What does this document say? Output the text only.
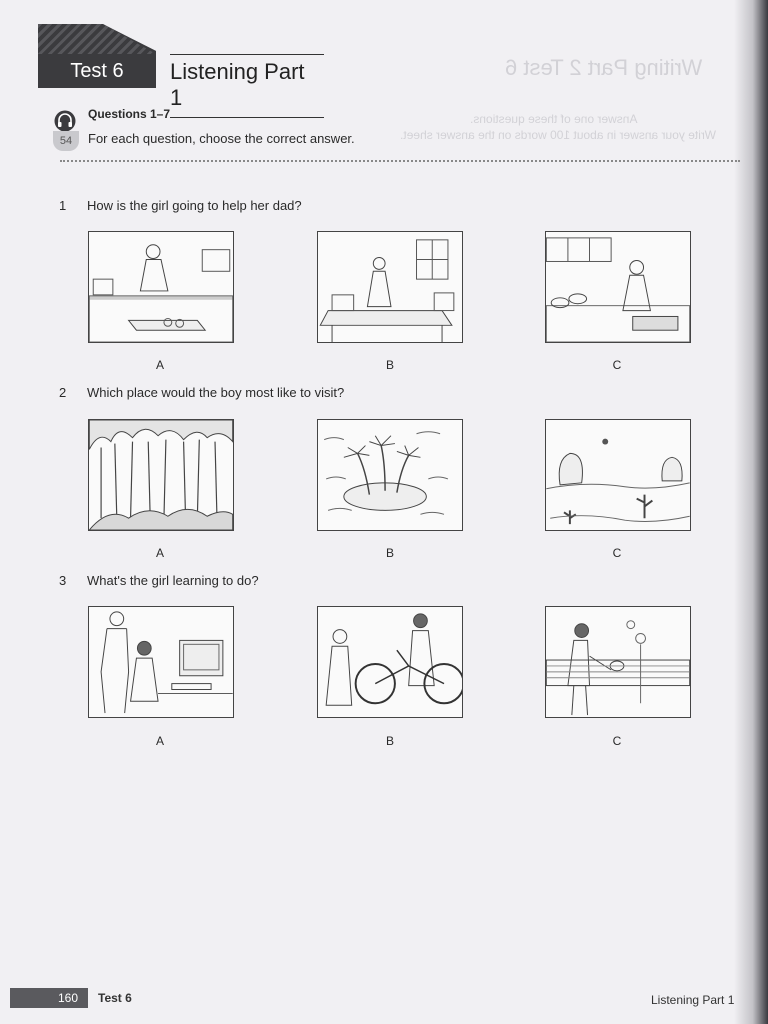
Writing Part 2 Test 6
Answer one of these questions.
Write your answer in about 100 words on the answer sheet.
Test 6	Listening Part 1
54
Questions 1–7
For each question, choose the correct answer.
1 How is the girl going to help her dad?
A	B	C
2 Which place would the boy most like to visit?
A	B	C
3 What's the girl learning to do?
A	B	C
160	Test 6	Listening Part 1
